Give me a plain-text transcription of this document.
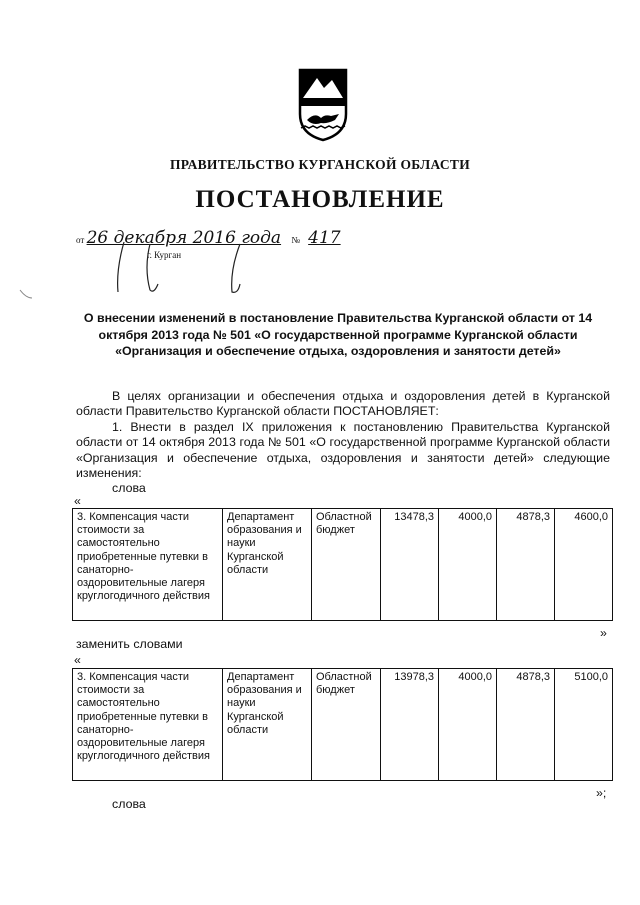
ПРАВИТЕЛЬСТВО КУРГАНСКОЙ ОБЛАСТИ
ПОСТАНОВЛЕНИЕ
от 26 декабря 2016 года № 417
г. Курган
О внесении изменений в постановление Правительства Курганской области от 14 октября 2013 года № 501 «О государственной программе Курганской области «Организация и обеспечение отдыха, оздоровления и занятости детей»
В целях организации и обеспечения отдыха и оздоровления детей в Курганской области Правительство Курганской области ПОСТАНОВЛЯЕТ:
1. Внести в раздел IX приложения к постановлению Правительства Курганской области от 14 октября 2013 года № 501 «О государственной программе Курганской области «Организация и обеспечение отдыха, оздоровления и занятости детей» следующие изменения:
слова
«
3. Компенсация части стоимости за самостоятельно приобретенные путевки в санаторно-оздоровительные лагеря круглогодичного действия	Департамент образования и науки Курганской области	Областной бюджет	13478,3	4000,0	4878,3	4600,0
»
заменить словами
«
3. Компенсация части стоимости за самостоятельно приобретенные путевки в санаторно-оздоровительные лагеря круглогодичного действия	Департамент образования и науки Курганской области	Областной бюджет	13978,3	4000,0	4878,3	5100,0
»;
слова
